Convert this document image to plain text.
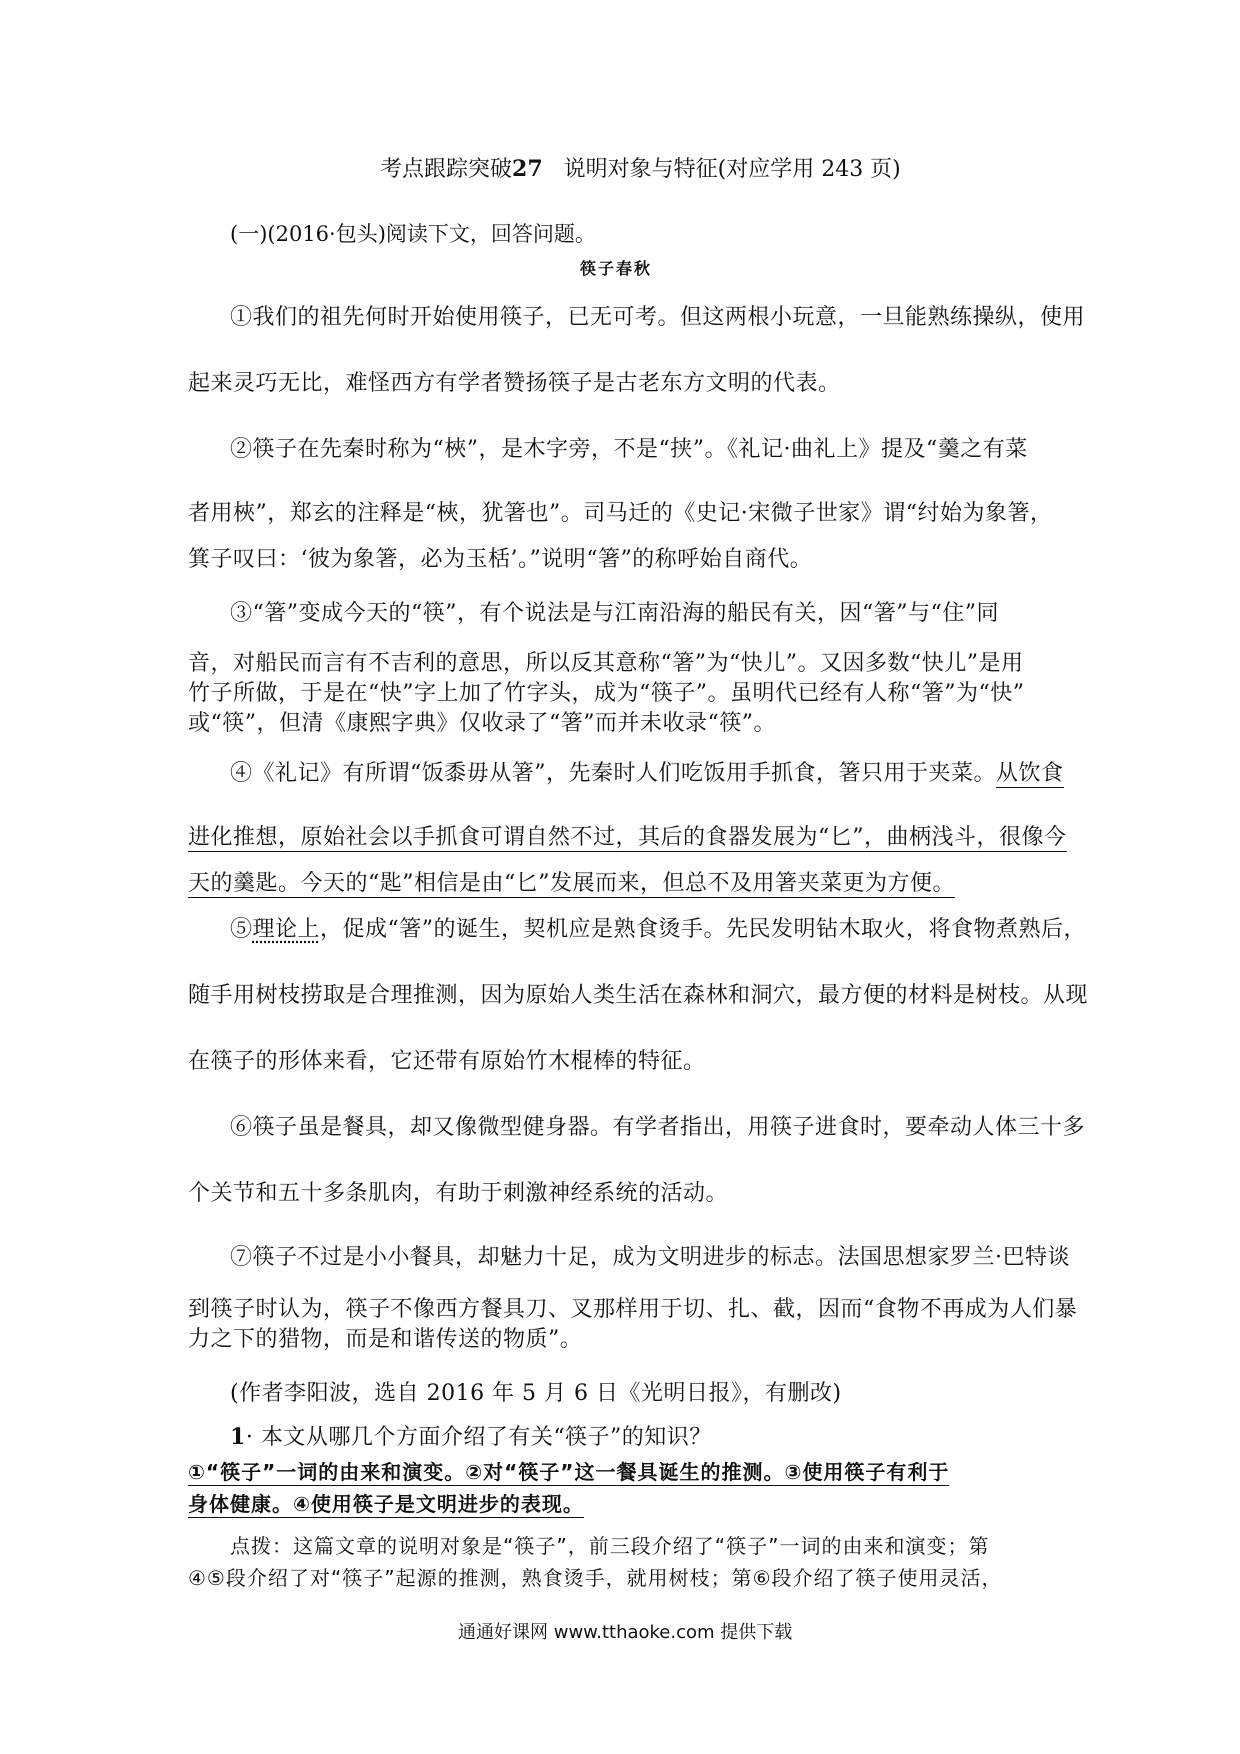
考点跟踪突破27 说明对象与特征(对应学用 243 页)
(一)(2016·包头)阅读下文，回答问题。
筷子春秋
①我们的祖先何时开始使用筷子，已无可考。但这两根小玩意，一旦能熟练操纵，使用
起来灵巧无比，难怪西方有学者赞扬筷子是古老东方文明的代表。
②筷子在先秦时称为“梜”，是木字旁，不是“挟”。《礼记·曲礼上》提及“羹之有菜
者用梜”，郑玄的注释是“梜，犹箸也”。司马迁的《史记·宋微子世家》谓“纣始为象箸，
箕子叹曰：‘彼为象箸，必为玉栝’。”说明“箸”的称呼始自商代。
③“箸”变成今天的“筷”，有个说法是与江南沿海的船民有关，因“箸”与“住”同
音，对船民而言有不吉利的意思，所以反其意称“箸”为“快儿”。又因多数“快儿”是用
竹子所做，于是在“快”字上加了竹字头，成为“筷子”。虽明代已经有人称“箸”为“快”
或“筷”，但清《康熙字典》仅收录了“箸”而并未收录“筷”。
④《礼记》有所谓“饭黍毋从箸”，先秦时人们吃饭用手抓食，箸只用于夹菜。从饮食
进化推想，原始社会以手抓食可谓自然不过，其后的食器发展为“匕”，曲柄浅斗，很像今
天的羹匙。今天的“匙”相信是由“匕”发展而来，但总不及用箸夹菜更为方便。
⑤理论上，促成“箸”的诞生，契机应是熟食烫手。先民发明钻木取火，将食物煮熟后，
随手用树枝捞取是合理推测，因为原始人类生活在森林和洞穴，最方便的材料是树枝。从现
在筷子的形体来看，它还带有原始竹木棍棒的特征。
⑥筷子虽是餐具，却又像微型健身器。有学者指出，用筷子进食时，要牵动人体三十多
个关节和五十多条肌肉，有助于刺激神经系统的活动。
⑦筷子不过是小小餐具，却魅力十足，成为文明进步的标志。法国思想家罗兰·巴特谈
到筷子时认为，筷子不像西方餐具刀、叉那样用于切、扎、截，因而“食物不再成为人们暴
力之下的猎物，而是和谐传送的物质”。
(作者李阳波，选自 2016 年 5 月 6 日《光明日报》，有删改)
1· 本文从哪几个方面介绍了有关“筷子”的知识？
①“筷子”一词的由来和演变。②对“筷子”这一餐具诞生的推测。③使用筷子有利于
身体健康。④使用筷子是文明进步的表现。
点拨：这篇文章的说明对象是“筷子”，前三段介绍了“筷子”一词的由来和演变；第
④⑤段介绍了对“筷子”起源的推测，熟食烫手，就用树枝；第⑥段介绍了筷子使用灵活，
通通好课网 www.tthaoke.com 提供下载
